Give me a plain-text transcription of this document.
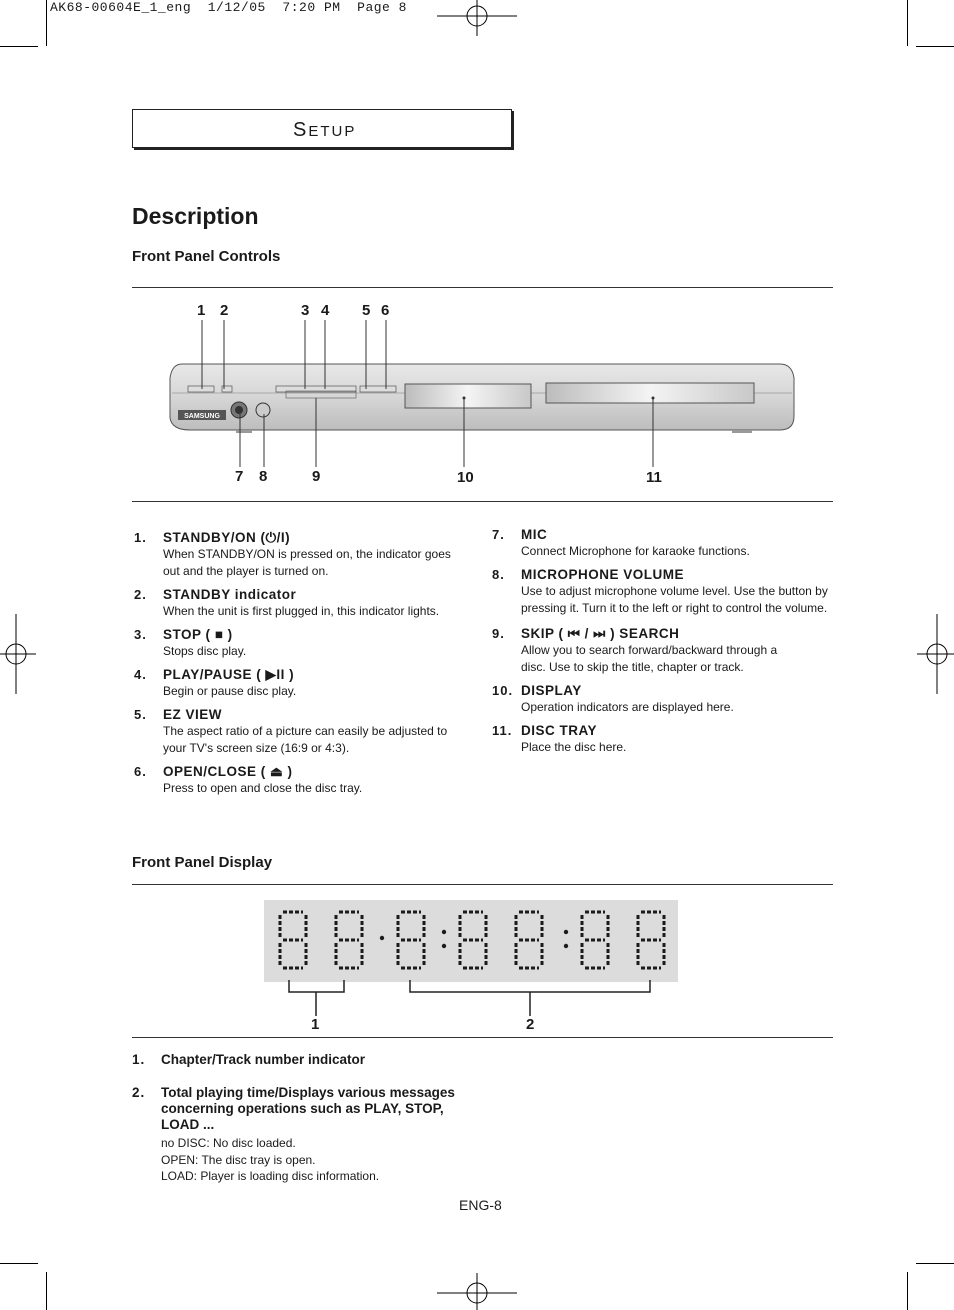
AK68-00604E_1_eng  1/12/05  7:20 PM  Page 8
SETUP
Description
Front Panel Controls
SAMSUNG
1 2	3 4 5 6
7 8	9	10	11
1. STANDBY/ON (⏻/I)
When STANDBY/ON is pressed on, the indicator goes out and the player is turned on.
2. STANDBY indicator
When the unit is first plugged in, this indicator lights.
3. STOP ( ■ )
Stops disc play.
4. PLAY/PAUSE ( ▶II )
Begin or pause disc play.
5. EZ VIEW
The aspect ratio of a picture can easily be adjusted to your TV's screen size (16:9 or 4:3).
6. OPEN/CLOSE ( ⏏ )
Press to open and close the disc tray.
7. MIC
Connect Microphone for karaoke functions.
8. MICROPHONE VOLUME
Use to adjust microphone volume level. Use the button by pressing it. Turn it to the left or right to control the volume.
9. SKIP ( ⏮ / ⏭ ) SEARCH
Allow you to search forward/backward through a disc. Use to skip the title, chapter or track.
10. DISPLAY
Operation indicators are displayed here.
11. DISC TRAY
Place the disc here.
Front Panel Display
1	2
1. Chapter/Track number indicator
2. Total playing time/Displays various messages concerning operations such as PLAY, STOP, LOAD ...
no DISC: No disc loaded.
OPEN: The disc tray is open.
LOAD: Player is loading disc information.
ENG-8
